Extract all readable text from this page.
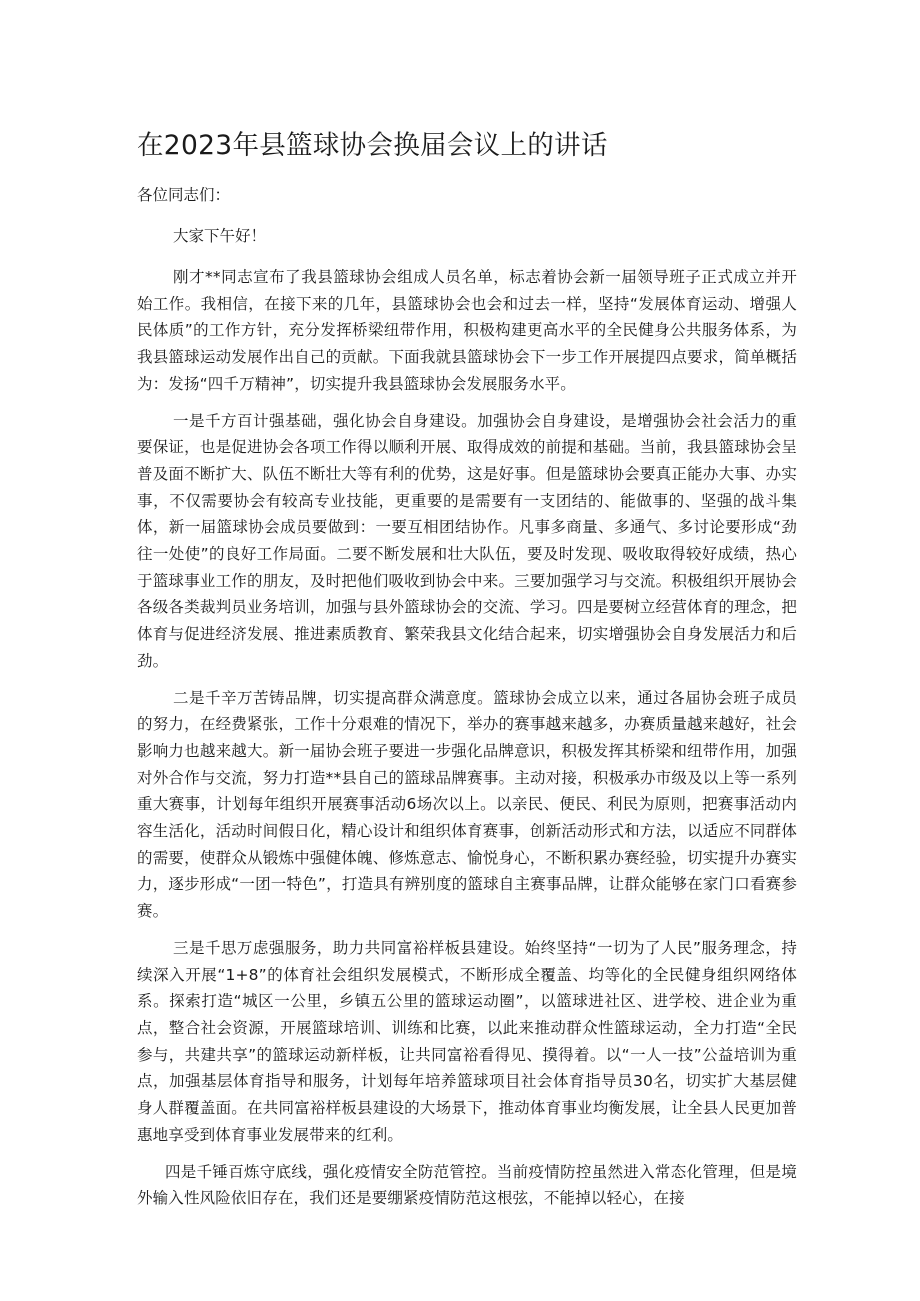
在2023年县篮球协会换届会议上的讲话

各位同志们：

大家下午好！

刚才**同志宣布了我县篮球协会组成人员名单，标志着协会新一届领导班子正式成立并开始工作。我相信，在接下来的几年，县篮球协会也会和过去一样，坚持“发展体育运动、增强人民体质”的工作方针，充分发挥桥梁纽带作用，积极构建更高水平的全民健身公共服务体系，为我县篮球运动发展作出自己的贡献。下面我就县篮球协会下一步工作开展提四点要求，简单概括为：发扬“四千万精神”，切实提升我县篮球协会发展服务水平。

一是千方百计强基础，强化协会自身建设。加强协会自身建设，是增强协会社会活力的重要保证，也是促进协会各项工作得以顺利开展、取得成效的前提和基础。当前，我县篮球协会呈普及面不断扩大、队伍不断壮大等有利的优势，这是好事。但是篮球协会要真正能办大事、办实事，不仅需要协会有较高专业技能，更重要的是需要有一支团结的、能做事的、坚强的战斗集体，新一届篮球协会成员要做到：一要互相团结协作。凡事多商量、多通气、多讨论要形成“劲往一处使”的良好工作局面。二要不断发展和壮大队伍，要及时发现、吸收取得较好成绩，热心于篮球事业工作的朋友，及时把他们吸收到协会中来。三要加强学习与交流。积极组织开展协会各级各类裁判员业务培训，加强与县外篮球协会的交流、学习。四是要树立经营体育的理念，把体育与促进经济发展、推进素质教育、繁荣我县文化结合起来，切实增强协会自身发展活力和后劲。

二是千辛万苦铸品牌，切实提高群众满意度。篮球协会成立以来，通过各届协会班子成员的努力，在经费紧张，工作十分艰难的情况下，举办的赛事越来越多，办赛质量越来越好，社会影响力也越来越大。新一届协会班子要进一步强化品牌意识，积极发挥其桥梁和纽带作用，加强对外合作与交流，努力打造**县自己的篮球品牌赛事。主动对接，积极承办市级及以上等一系列重大赛事，计划每年组织开展赛事活动6场次以上。以亲民、便民、利民为原则，把赛事活动内容生活化，活动时间假日化，精心设计和组织体育赛事，创新活动形式和方法，以适应不同群体的需要，使群众从锻炼中强健体魄、修炼意志、愉悦身心，不断积累办赛经验，切实提升办赛实力，逐步形成“一团一特色”，打造具有辨别度的篮球自主赛事品牌，让群众能够在家门口看赛参赛。

三是千思万虑强服务，助力共同富裕样板县建设。始终坚持“一切为了人民”服务理念，持续深入开展“1+8”的体育社会组织发展模式，不断形成全覆盖、均等化的全民健身组织网络体系。探索打造“城区一公里，乡镇五公里的篮球运动圈”，以篮球进社区、进学校、进企业为重点，整合社会资源，开展篮球培训、训练和比赛，以此来推动群众性篮球运动，全力打造“全民参与，共建共享”的篮球运动新样板，让共同富裕看得见、摸得着。以“一人一技”公益培训为重点，加强基层体育指导和服务，计划每年培养篮球项目社会体育指导员30名，切实扩大基层健身人群覆盖面。在共同富裕样板县建设的大场景下，推动体育事业均衡发展，让全县人民更加普惠地享受到体育事业发展带来的红利。

四是千锤百炼守底线，强化疫情安全防范管控。当前疫情防控虽然进入常态化管理，但是境外输入性风险依旧存在，我们还是要绷紧疫情防范这根弦，不能掉以轻心，在接
